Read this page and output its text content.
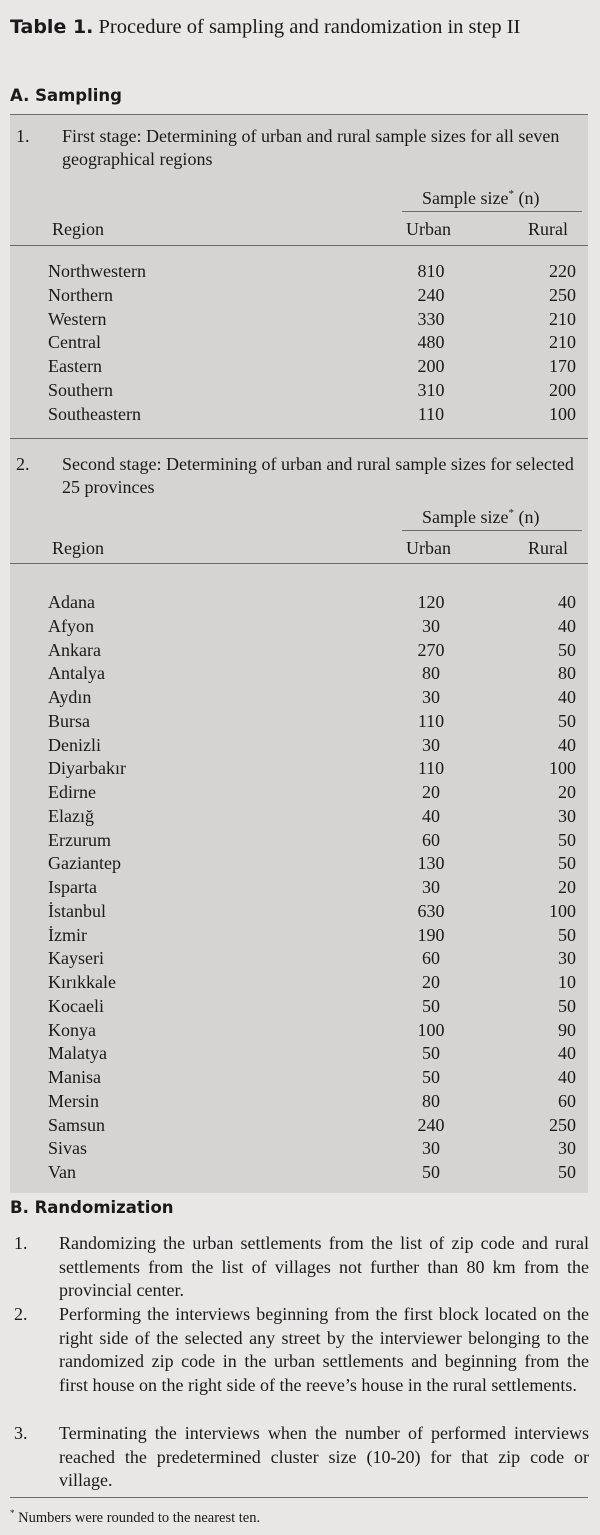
Table 1. Procedure of sampling and randomization in step II
A. Sampling
1. First stage: Determining of urban and rural sample sizes for all seven geographical regions
Sample size* (n)
Region	Urban	Rural
Northwestern	810	220
Northern	240	250
Western	330	210
Central	480	210
Eastern	200	170
Southern	310	200
Southeastern	110	100
2. Second stage: Determining of urban and rural sample sizes for selected 25 provinces
Sample size* (n)
Region	Urban	Rural
Adana	120	40
Afyon	30	40
Ankara	270	50
Antalya	80	80
Aydın	30	40
Bursa	110	50
Denizli	30	40
Diyarbakır	110	100
Edirne	20	20
Elazığ	40	30
Erzurum	60	50
Gaziantep	130	50
Isparta	30	20
İstanbul	630	100
İzmir	190	50
Kayseri	60	30
Kırıkkale	20	10
Kocaeli	50	50
Konya	100	90
Malatya	50	40
Manisa	50	40
Mersin	80	60
Samsun	240	250
Sivas	30	30
Van	50	50
B. Randomization
1. Randomizing the urban settlements from the list of zip code and rural settlements from the list of villages not further than 80 km from the provincial center.
2. Performing the interviews beginning from the first block located on the right side of the selected any street by the interviewer belonging to the randomized zip code in the urban settlements and beginning from the first house on the right side of the reeve’s house in the rural settlements.
3. Terminating the interviews when the number of performed interviews reached the predetermined cluster size (10-20) for that zip code or village.
* Numbers were rounded to the nearest ten.
